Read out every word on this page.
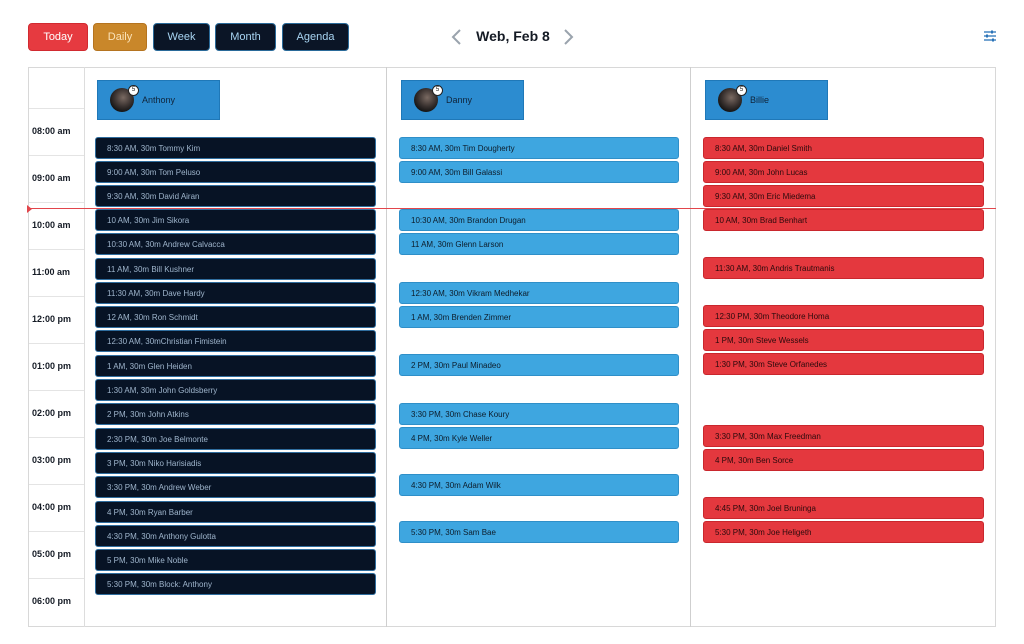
Today	Daily	Week	Month	Agenda	Web, Feb 8
08:00 am
09:00 am
10:00 am
11:00 am
12:00 pm
01:00 pm
02:00 pm
03:00 pm
04:00 pm
05:00 pm
06:00 pm
5
Anthony
5
Danny
5
Billie
8:30 AM, 30m Tommy Kim
9:00 AM, 30m Tom Peluso
9:30 AM, 30m David Airan
10 AM, 30m Jim Sikora
10:30 AM, 30m Andrew Calvacca
11 AM, 30m Bill Kushner
11:30 AM, 30m Dave Hardy
12 AM, 30m Ron Schmidt
12:30 AM, 30mChristian Fimistein
1 AM, 30m Glen Heiden
1:30 AM, 30m John Goldsberry
2 PM, 30m John Atkins
2:30 PM, 30m Joe Belmonte
3 PM, 30m Niko Harisiadis
3:30 PM, 30m Andrew Weber
4 PM, 30m Ryan Barber
4:30 PM, 30m Anthony Gulotta
5 PM, 30m Mike Noble
5:30 PM, 30m Block: Anthony
8:30 AM, 30m Tim Dougherty
9:00 AM, 30m Bill Galassi
10:30 AM, 30m Brandon Drugan
11 AM, 30m Glenn Larson
12:30 AM, 30m Vikram Medhekar
1 AM, 30m Brenden Zimmer
2 PM, 30m Paul Minadeo
3:30 PM, 30m Chase Koury
4 PM, 30m Kyle Weller
4:30 PM, 30m Adam Wilk
5:30 PM, 30m Sam Bae
8:30 AM, 30m Daniel Smith
9:00 AM, 30m John Lucas
9:30 AM, 30m Eric Miedema
10 AM, 30m Brad Benhart
11:30 AM, 30m Andris Trautmanis
12:30 PM, 30m Theodore Homa
1 PM, 30m Steve Wessels
1:30 PM, 30m Steve Orfanedes
3:30 PM, 30m Max Freedman
4 PM, 30m Ben Sorce
4:45 PM, 30m Joel Bruninga
5:30 PM, 30m Joe Heligeth
